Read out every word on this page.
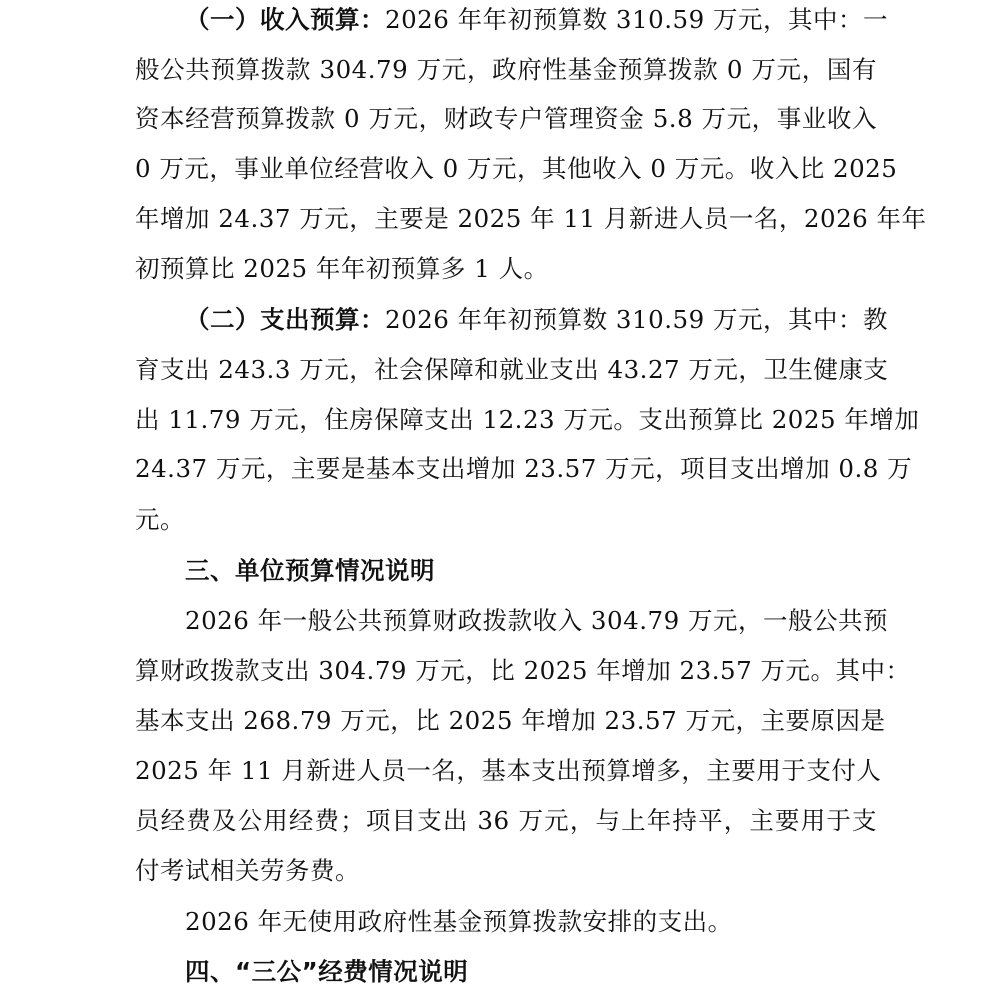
（一）收入预算：2026 年年初预算数 310.59 万元，其中：一
般公共预算拨款 304.79 万元，政府性基金预算拨款 0 万元，国有
资本经营预算拨款 0 万元，财政专户管理资金 5.8 万元，事业收入
0 万元，事业单位经营收入 0 万元，其他收入 0 万元。收入比 2025
年增加 24.37 万元，主要是 2025 年 11 月新进人员一名，2026 年年
初预算比 2025 年年初预算多 1 人。
（二）支出预算：2026 年年初预算数 310.59 万元，其中：教
育支出 243.3 万元，社会保障和就业支出 43.27 万元，卫生健康支
出 11.79 万元，住房保障支出 12.23 万元。支出预算比 2025 年增加
24.37 万元，主要是基本支出增加 23.57 万元，项目支出增加 0.8 万
元。
三、单位预算情况说明
2026 年一般公共预算财政拨款收入 304.79 万元，一般公共预
算财政拨款支出 304.79 万元，比 2025 年增加 23.57 万元。其中：
基本支出 268.79 万元，比 2025 年增加 23.57 万元，主要原因是
2025 年 11 月新进人员一名，基本支出预算增多，主要用于支付人
员经费及公用经费；项目支出 36 万元，与上年持平，主要用于支
付考试相关劳务费。
2026 年无使用政府性基金预算拨款安排的支出。
四、“三公”经费情况说明
